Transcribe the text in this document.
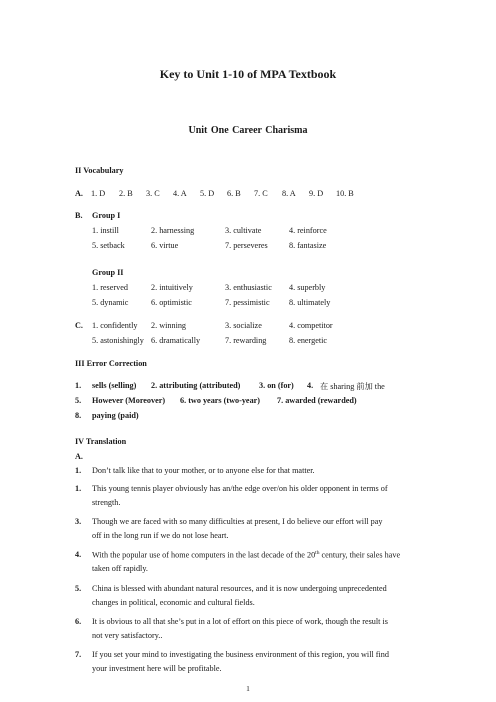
Key to Unit 1-10 of MPA Textbook
Unit One Career Charisma
II Vocabulary
A. 1. D 2. B 3. C 4. A 5. D 6. B 7. C 8. A 9. D 10. B
B. Group I
1. instill	2. harnessing	3. cultivate	4. reinforce
5. setback	6. virtue	7. perseveres	8. fantasize
Group II
1. reserved	2. intuitively	3. enthusiastic 4. superbly
5. dynamic	6. optimistic	7. pessimistic 8. ultimately
C. 1. confidently 2. winning	3. socialize	4. competitor
5. astonishingly 6. dramatically	7. rewarding	8. energetic
III Error Correction
1. sells (selling) 2. attributing (attributed) 3. on (for) 4. 在 sharing 前加 the
5. However (Moreover) 6. two years (two-year) 7. awarded (rewarded)
8. paying (paid)
IV Translation
A.
1. Don’t talk like that to your mother, or to anyone else for that matter.
1. This young tennis player obviously has an/the edge over/on his older opponent in terms of
strength.
3. Though we are faced with so many difficulties at present, I do believe our effort will pay
off in the long run if we do not lose heart.
4. With the popular use of home computers in the last decade of the 20th century, their sales have
taken off rapidly.
5. China is blessed with abundant natural resources, and it is now undergoing unprecedented
changes in political, economic and cultural fields.
6. It is obvious to all that she’s put in a lot of effort on this piece of work, though the result is
not very satisfactory..
7. If you set your mind to investigating the business environment of this region, you will find
your investment here will be profitable.
1
